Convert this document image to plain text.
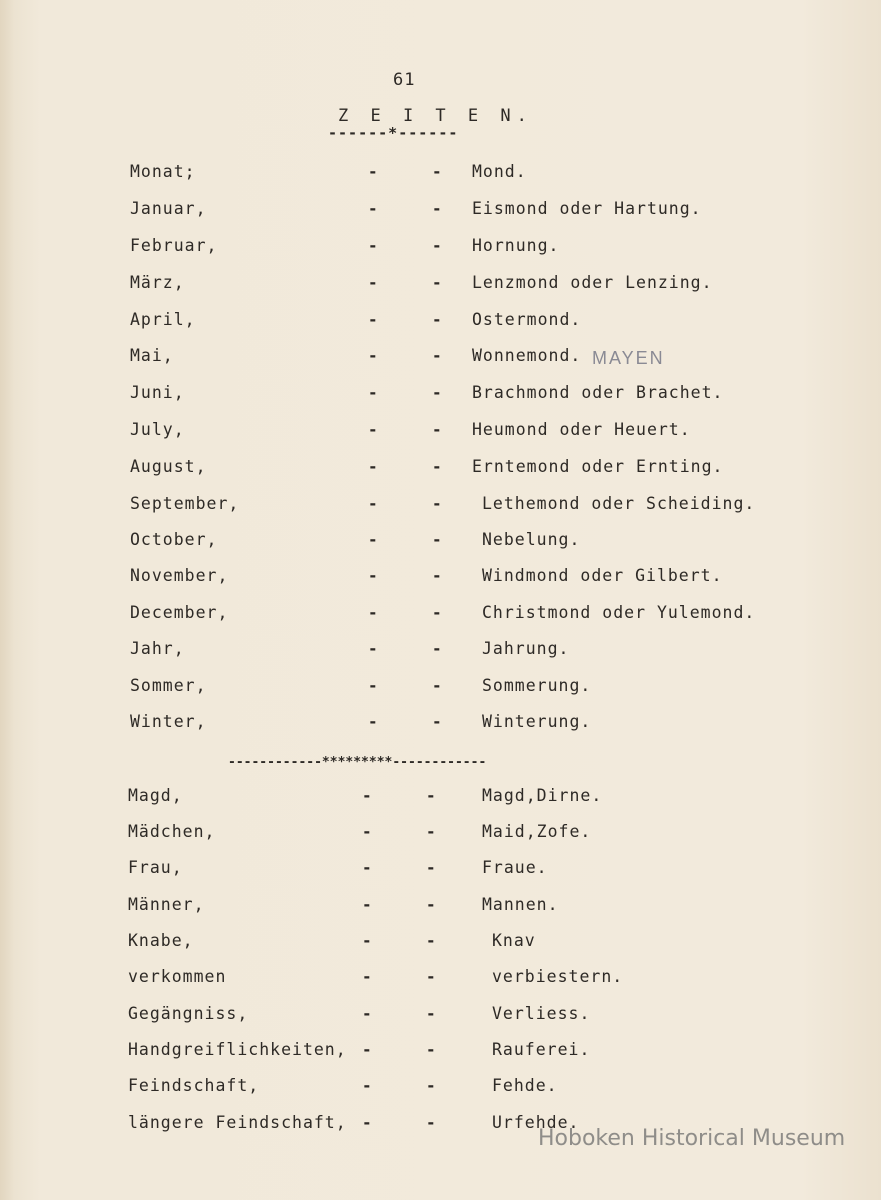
61
Z E I T E N.
------*------
Monat;	-	- Mond.
Januar,	-	- Eismond oder Hartung.
Februar,	-	- Hornung.
März,	-	- Lenzmond oder Lenzing.
April,	-	- Ostermond.
Mai,	-	- Wonnemond.
Juni,	-	- Brachmond oder Brachet.
July,	-	- Heumond oder Heuert.
August,	-	- Erntemond oder Ernting.
September,	-	- Lethemond oder Scheiding.
October,	-	- Nebelung.
November,	-	- Windmond oder Gilbert.
December,	-	- Christmond oder Yulemond.
Jahr,	-	- Jahrung.
Sommer,	-	- Sommerung.
Winter,	-	- Winterung.
------------*********------------
Magd,	-	-	Magd,Dirne.
Mädchen,	-	-	Maid,Zofe.
Frau,	-	-	Fraue.
Männer,	-	-	Mannen.
Knabe,	-	-	Knav
verkommen	-	-	verbiestern.
Gegängniss,	-	-	Verliess.
Handgreiflichkeiten, -	-	Rauferei.
Feindschaft,	-	-	Fehde.
längere Feindschaft, -	-	Urfehde.
MAYEN
Hoboken Historical Museum
